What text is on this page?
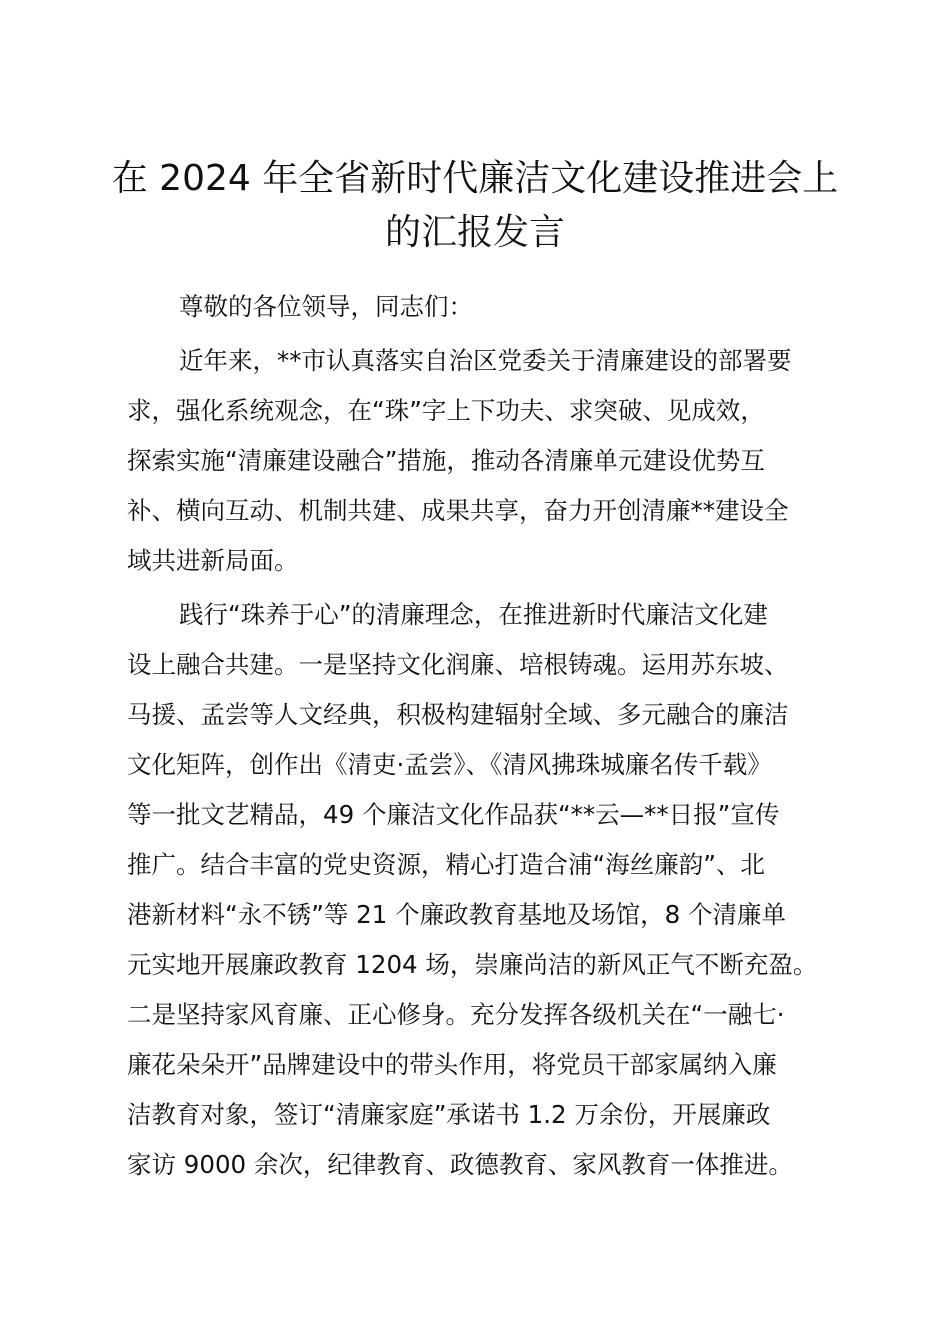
在 2024 年全省新时代廉洁文化建设推进会上
的汇报发言
尊敬的各位领导，同志们：
近年来，**市认真落实自治区党委关于清廉建设的部署要
求，强化系统观念，在“珠”字上下功夫、求突破、见成效，
探索实施“清廉建设融合”措施，推动各清廉单元建设优势互
补、横向互动、机制共建、成果共享，奋力开创清廉**建设全
域共进新局面。
践行“珠养于心”的清廉理念，在推进新时代廉洁文化建
设上融合共建。一是坚持文化润廉、培根铸魂。运用苏东坡、
马援、孟尝等人文经典，积极构建辐射全域、多元融合的廉洁
文化矩阵，创作出《清吏·孟尝》、《清风拂珠城廉名传千载》
等一批文艺精品，49 个廉洁文化作品获“**云—**日报”宣传
推广。结合丰富的党史资源，精心打造合浦“海丝廉韵”、北
港新材料“永不锈”等 21 个廉政教育基地及场馆，8 个清廉单
元实地开展廉政教育 1204 场，崇廉尚洁的新风正气不断充盈。
二是坚持家风育廉、正心修身。充分发挥各级机关在“一融七·
廉花朵朵开”品牌建设中的带头作用，将党员干部家属纳入廉
洁教育对象，签订“清廉家庭”承诺书 1.2 万余份，开展廉政
家访 9000 余次，纪律教育、政德教育、家风教育一体推进。
